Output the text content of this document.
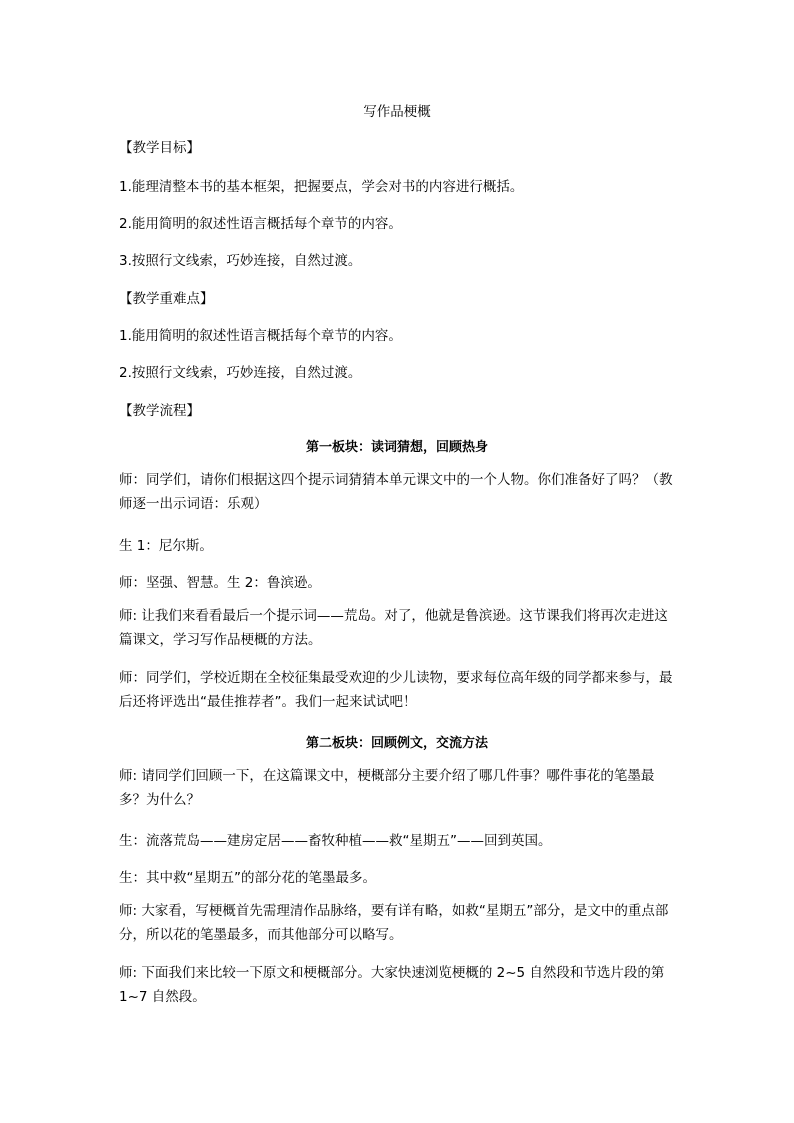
写作品梗概
【教学目标】
1.能理清整本书的基本框架，把握要点，学会对书的内容进行概括。
2.能用简明的叙述性语言概括每个章节的内容。
3.按照行文线索，巧妙连接，自然过渡。
【教学重难点】
1.能用简明的叙述性语言概括每个章节的内容。
2.按照行文线索，巧妙连接，自然过渡。
【教学流程】
第一板块：读词猜想，回顾热身
师：同学们，请你们根据这四个提示词猜猜本单元课文中的一个人物。你们准备好了吗？（教师逐一出示词语：乐观）
生 1：尼尔斯。
师：坚强、智慧。生 2：鲁滨逊。
师: 让我们来看看最后一个提示词——荒岛。对了，他就是鲁滨逊。这节课我们将再次走进这篇课文，学习写作品梗概的方法。
师：同学们，学校近期在全校征集最受欢迎的少儿读物，要求每位高年级的同学都来参与，最后还将评选出“最佳推荐者”。我们一起来试试吧！
第二板块：回顾例文，交流方法
师: 请同学们回顾一下，在这篇课文中，梗概部分主要介绍了哪几件事？哪件事花的笔墨最多？为什么？
生：流落荒岛——建房定居——畜牧种植——救“星期五”——回到英国。
生：其中救“星期五”的部分花的笔墨最多。
师: 大家看，写梗概首先需理清作品脉络，要有详有略，如救“星期五”部分，是文中的重点部分，所以花的笔墨最多，而其他部分可以略写。
师: 下面我们来比较一下原文和梗概部分。大家快速浏览梗概的 2~5 自然段和节选片段的第 1~7 自然段。
